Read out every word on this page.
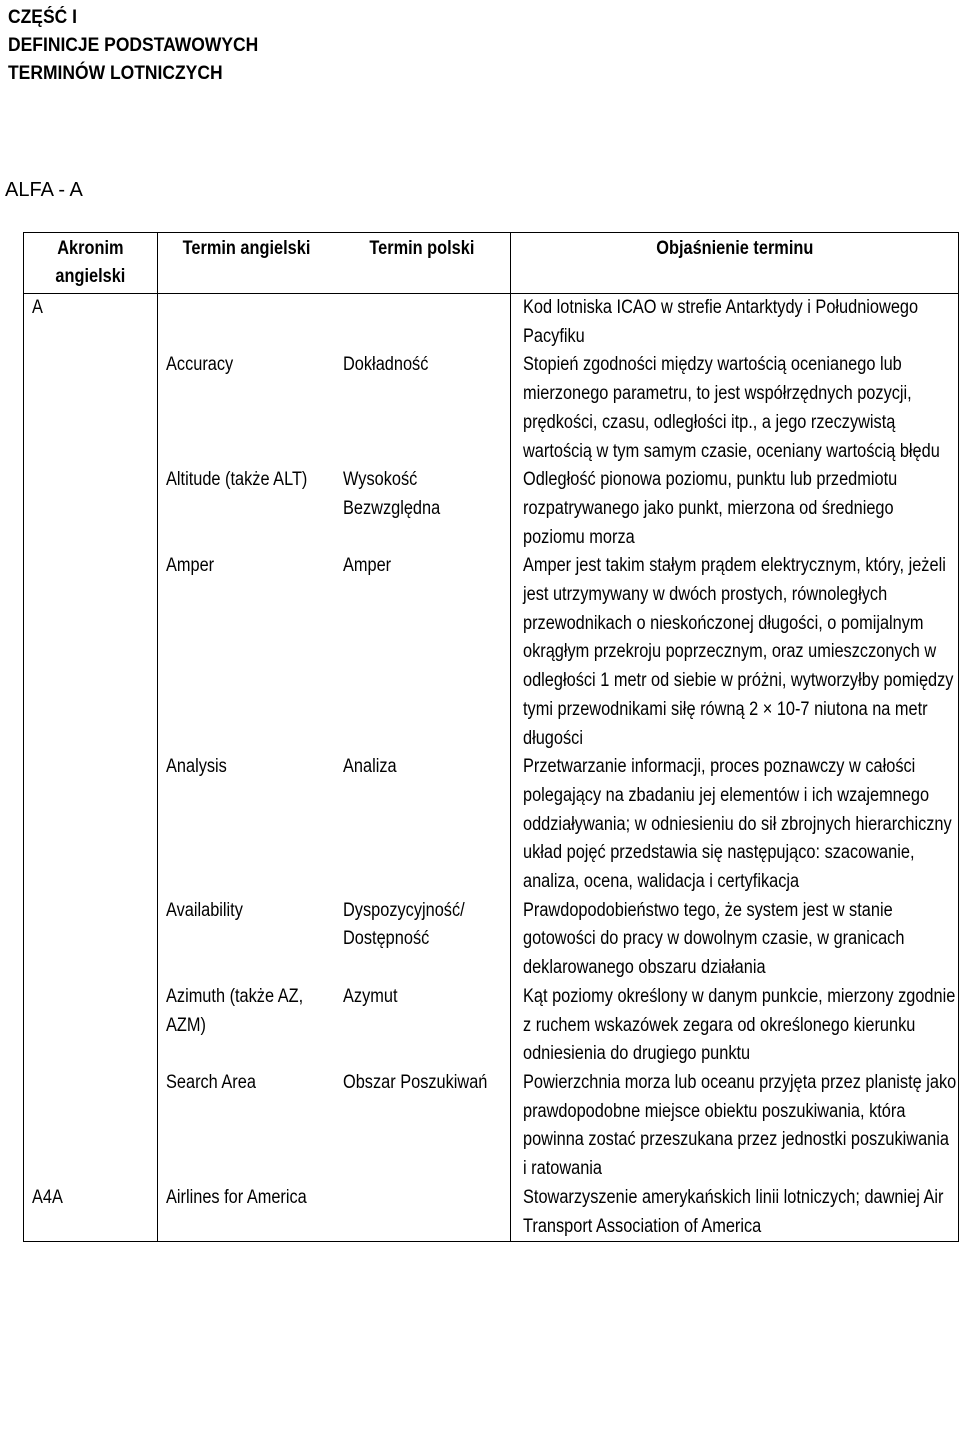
CZĘŚĆ I
DEFINICJE PODSTAWOWYCH
TERMINÓW LOTNICZYCH
ALFA - A
Akronim angielski	Termin angielski	Termin polski	Objaśnienie terminu

A			Kod lotniska ICAO w strefie Antarktydy i Południowego Pacyfiku

	Accuracy	Dokładność	Stopień zgodności między wartością ocenianego lub mierzonego parametru, to jest współrzędnych pozycji, prędkości, czasu, odległości itp., a jego rzeczywistą wartością w tym samym czasie, oceniany wartością błędu

	Altitude (także ALT)	Wysokość Bezwzględna	Odległość pionowa poziomu, punktu lub przedmiotu rozpatrywanego jako punkt, mierzona od średniego poziomu morza

	Amper	Amper	Amper jest takim stałym prądem elektrycznym, który, jeżeli jest utrzymywany w dwóch prostych, równoległych przewodnikach o nieskończonej długości, o pomijalnym okrągłym przekroju poprzecznym, oraz umieszczonych w odległości 1 metr od siebie w próżni, wytworzyłby pomiędzy tymi przewodnikami siłę równą 2 × 10-7 niutona na metr długości

	Analysis	Analiza	Przetwarzanie informacji, proces poznawczy w całości polegający na zbadaniu jej elementów i ich wzajemnego oddziaływania; w odniesieniu do sił zbrojnych hierarchiczny układ pojęć przedstawia się następująco: szacowanie, analiza, ocena, walidacja i certyfikacja

	Availability	Dyspozycyjność/ Dostępność	Prawdopodobieństwo tego, że system jest w stanie gotowości do pracy w dowolnym czasie, w granicach deklarowanego obszaru działania

	Azimuth (także AZ, AZM)	Azymut	Kąt poziomy określony w danym punkcie, mierzony zgodnie z ruchem wskazówek zegara od określonego kierunku odniesienia do drugiego punktu

	Search Area	Obszar Poszukiwań	Powierzchnia morza lub oceanu przyjęta przez planistę jako prawdopodobne miejsce obiektu poszukiwania, która powinna zostać przeszukana przez jednostki poszukiwania i ratowania

A4A	Airlines for America		Stowarzyszenie amerykańskich linii lotniczych; dawniej Air Transport Association of America
